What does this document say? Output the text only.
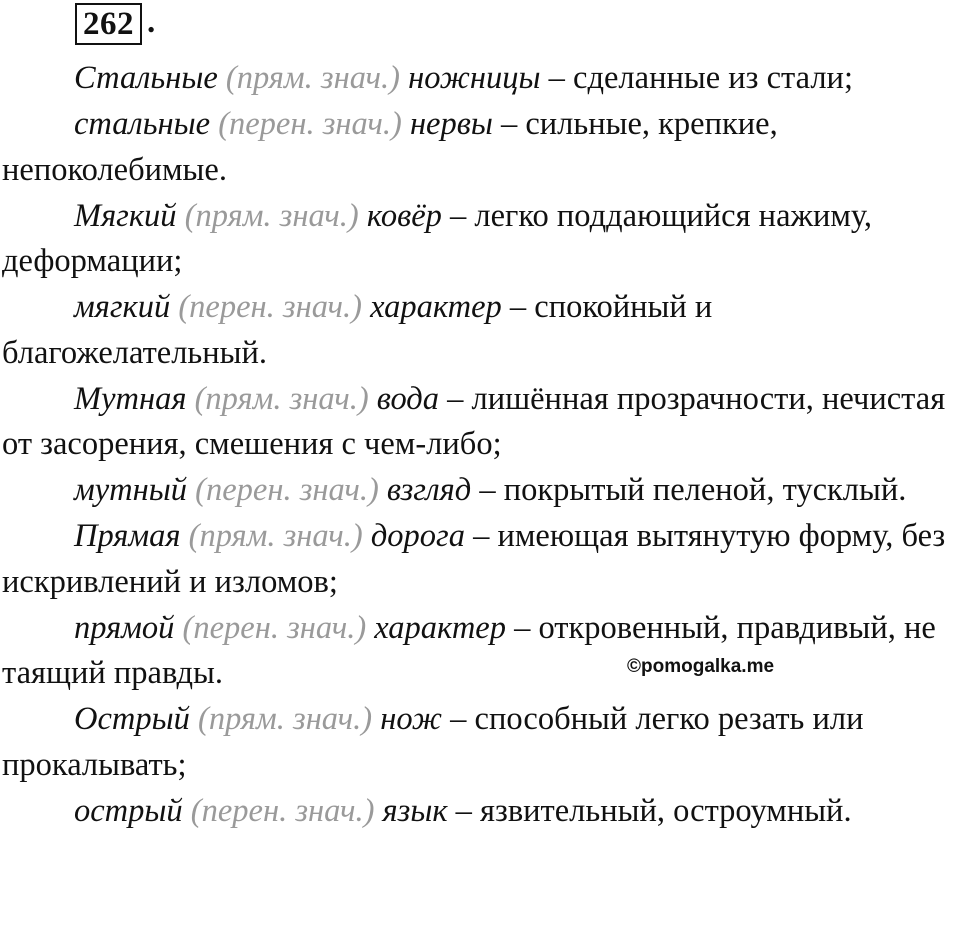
262 .

Стальные (прям. знач.) ножницы – сделанные из стали;

стальные (перен. знач.) нервы – сильные, крепкие, непоколебимые.

Мягкий (прям. знач.) ковёр – легко поддающийся нажиму, деформации;

мягкий (перен. знач.) характер – спокойный и благожелательный.

Мутная (прям. знач.) вода – лишённая прозрачности, нечистая от засорения, смешения с чем-либо;

мутный (перен. знач.) взгляд – покрытый пеленой, тусклый.

Прямая (прям. знач.) дорога – имеющая вытянутую форму, без искривлений и изломов;

прямой (перен. знач.) характер – откровенный, правдивый, не таящий правды.

Острый (прям. знач.) нож – способный легко резать или прокалывать;

острый (перен. знач.) язык – язвительный, остроумный.

©pomogalka.me
